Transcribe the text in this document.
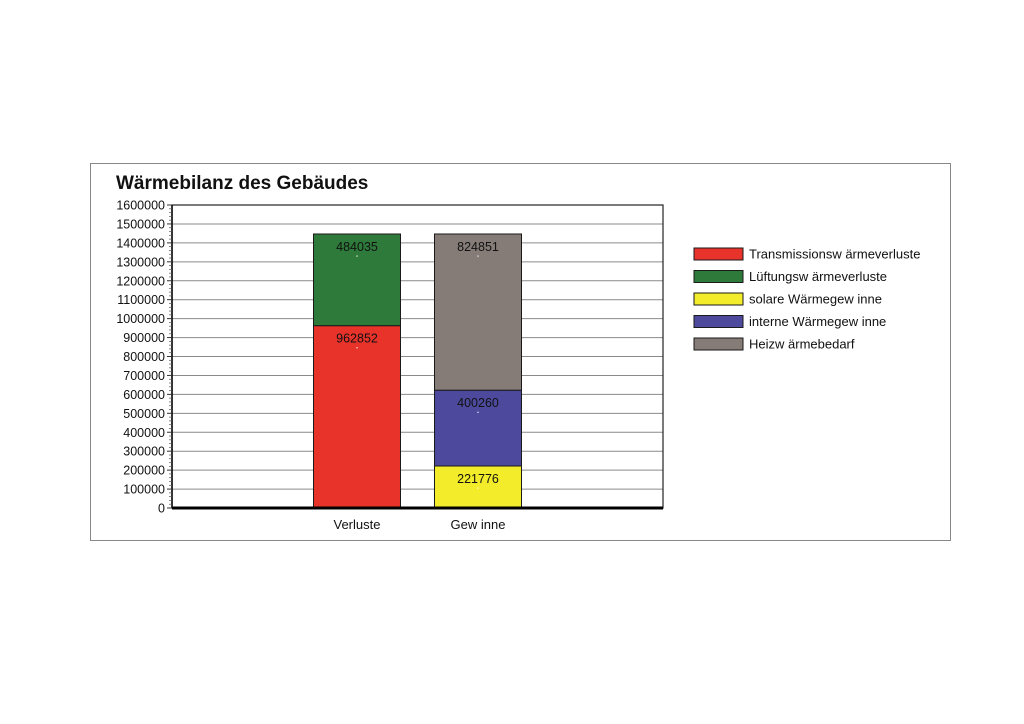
Wärmebilanz des Gebäudes
962852
484035
221776
400260
824851
0
100000
200000
300000
400000
500000
600000
700000
800000
900000
1000000
1100000
1200000
1300000
1400000
1500000
1600000
Verluste	Gew inne
Transmissionsw ärmeverluste
Lüftungsw ärmeverluste
solare Wärmegew inne
interne Wärmegew inne
Heizw ärmebedarf
